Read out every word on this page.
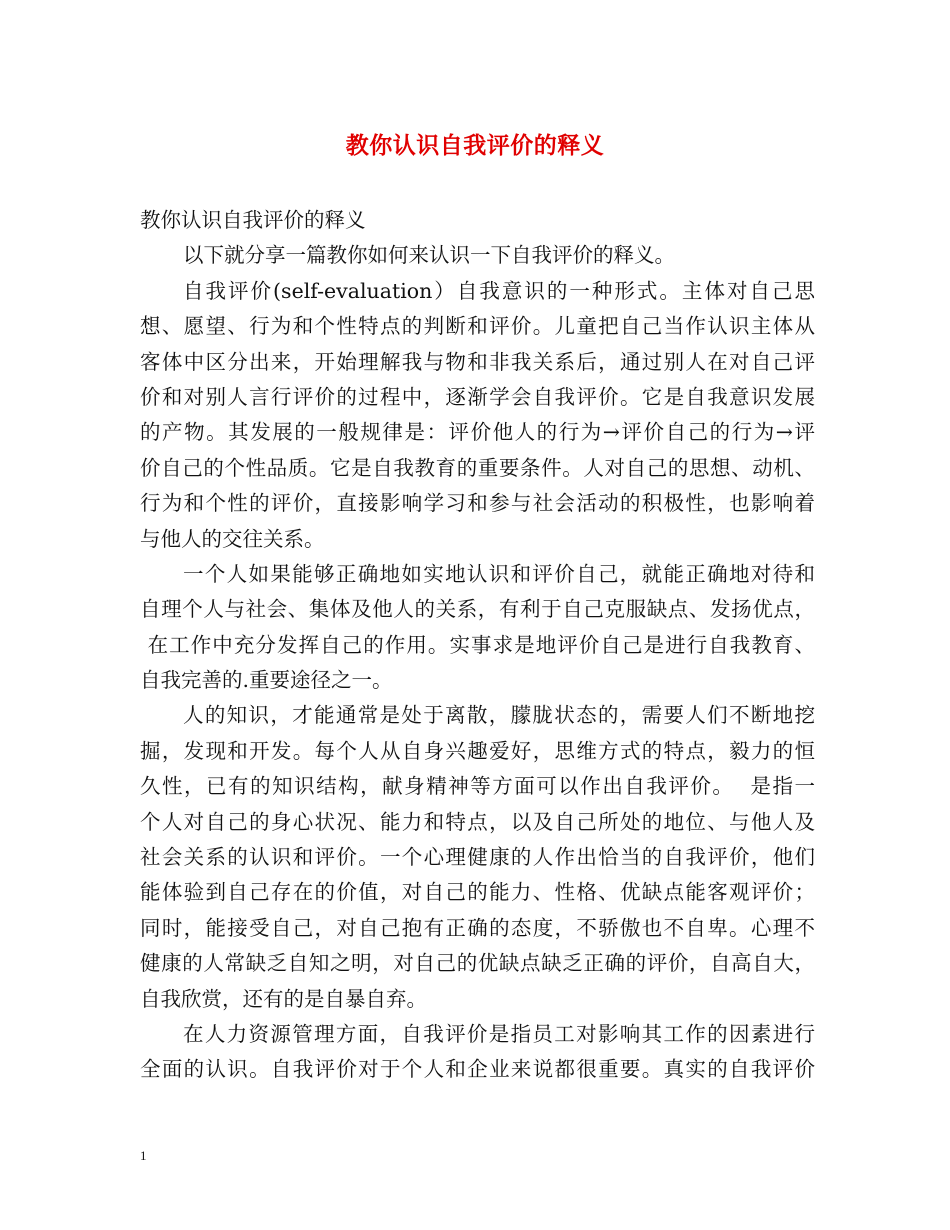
教你认识自我评价的释义
教你认识自我评价的释义
以下就分享一篇教你如何来认识一下自我评价的释义。
自我评价(self-evaluation）自我意识的一种形式。主体对自己思
想、愿望、行为和个性特点的判断和评价。儿童把自己当作认识主体从
客体中区分出来，开始理解我与物和非我关系后，通过别人在对自己评
价和对别人言行评价的过程中，逐渐学会自我评价。它是自我意识发展
的产物。其发展的一般规律是：评价他人的行为→评价自己的行为→评
价自己的个性品质。它是自我教育的重要条件。人对自己的思想、动机、
行为和个性的评价，直接影响学习和参与社会活动的积极性，也影响着
与他人的交往关系。
一个人如果能够正确地如实地认识和评价自己，就能正确地对待和
自理个人与社会、集体及他人的关系，有利于自己克服缺点、发扬优点，
在工作中充分发挥自己的作用。实事求是地评价自己是进行自我教育、
自我完善的.重要途径之一。
人的知识，才能通常是处于离散，朦胧状态的，需要人们不断地挖
掘，发现和开发。每个人从自身兴趣爱好，思维方式的特点，毅力的恒
久性，已有的知识结构，献身精神等方面可以作出自我评价。  是指一
个人对自己的身心状况、能力和特点，以及自己所处的地位、与他人及
社会关系的认识和评价。一个心理健康的人作出恰当的自我评价，他们
能体验到自己存在的价值，对自己的能力、性格、优缺点能客观评价；
同时，能接受自己，对自己抱有正确的态度，不骄傲也不自卑。心理不
健康的人常缺乏自知之明，对自己的优缺点缺乏正确的评价，自高自大，
自我欣赏，还有的是自暴自弃。
在人力资源管理方面，自我评价是指员工对影响其工作的因素进行
全面的认识。自我评价对于个人和企业来说都很重要。真实的自我评价
1
